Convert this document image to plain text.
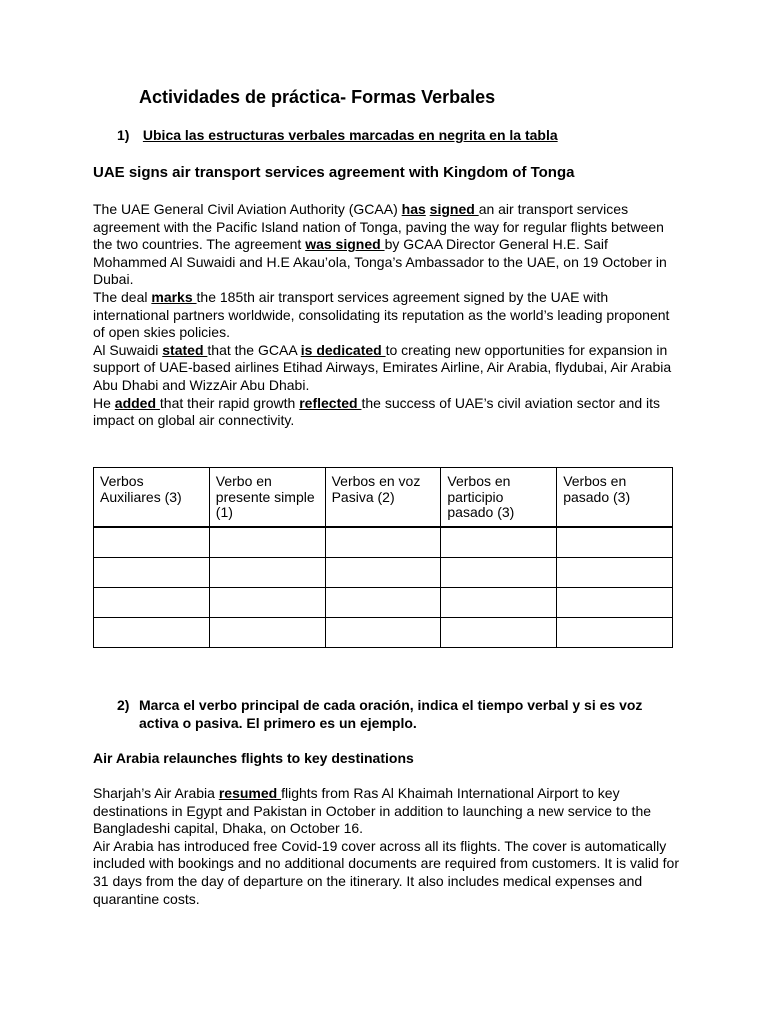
Actividades de práctica- Formas Verbales
1) Ubica las estructuras verbales marcadas en negrita en la tabla
UAE signs air transport services agreement with Kingdom of Tonga

The UAE General Civil Aviation Authority (GCAA) has signed an air transport services agreement with the Pacific Island nation of Tonga, paving the way for regular flights between the two countries. The agreement was signed by GCAA Director General H.E. Saif Mohammed Al Suwaidi and H.E Akau’ola, Tonga’s Ambassador to the UAE, on 19 October in Dubai.

The deal marks the 185th air transport services agreement signed by the UAE with international partners worldwide, consolidating its reputation as the world’s leading proponent of open skies policies.

Al Suwaidi stated that the GCAA is dedicated to creating new opportunities for expansion in support of UAE-based airlines Etihad Airways, Emirates Airline, Air Arabia, flydubai, Air Arabia Abu Dhabi and WizzAir Abu Dhabi.

He added that their rapid growth reflected the success of UAE’s civil aviation sector and its impact on global air connectivity.

Verbos Auxiliares (3)	Verbo en presente simple (1)	Verbos en voz Pasiva (2)	Verbos en participio pasado (3)	Verbos en pasado (3)

2) Marca el verbo principal de cada oración, indica el tiempo verbal y si es voz activa o pasiva. El primero es un ejemplo.
Air Arabia relaunches flights to key destinations

Sharjah’s Air Arabia resumed flights from Ras Al Khaimah International Airport to key destinations in Egypt and Pakistan in October in addition to launching a new service to the Bangladeshi capital, Dhaka, on October 16.

Air Arabia has introduced free Covid-19 cover across all its flights. The cover is automatically included with bookings and no additional documents are required from customers. It is valid for 31 days from the day of departure on the itinerary. It also includes medical expenses and quarantine costs.
